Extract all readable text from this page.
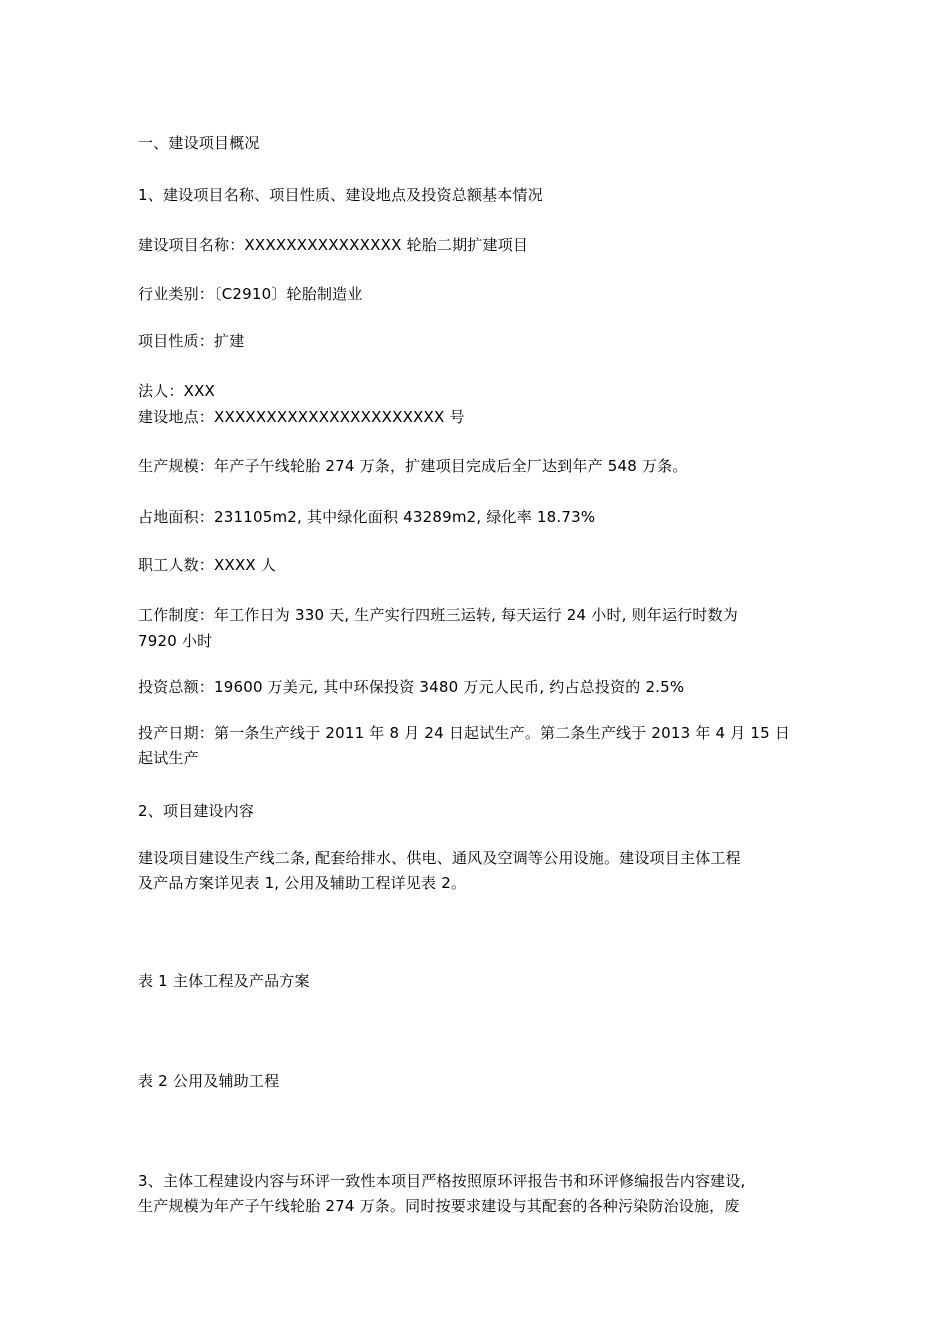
一、建设项目概况
1、建设项目名称、项目性质、建设地点及投资总额基本情况
建设项目名称：XXXXXXXXXXXXXXX 轮胎二期扩建项目
行业类别：〔C2910〕轮胎制造业
项目性质：扩建
法人：XXX
建设地点：XXXXXXXXXXXXXXXXXXXXXX 号
生产规模：年产子午线轮胎 274 万条，扩建项目完成后全厂达到年产 548 万条。
占地面积：231105m2, 其中绿化面积 43289m2, 绿化率 18.73%
职工人数：XXXX 人
工作制度：年工作日为 330 天, 生产实行四班三运转, 每天运行 24 小时, 则年运行时数为
7920 小时
投资总额：19600 万美元, 其中环保投资 3480 万元人民币, 约占总投资的 2.5%
投产日期：第一条生产线于 2011 年 8 月 24 日起试生产。第二条生产线于 2013 年 4 月 15 日
起试生产
2、项目建设内容
建设项目建设生产线二条, 配套给排水、供电、通风及空调等公用设施。建设项目主体工程
及产品方案详见表 1, 公用及辅助工程详见表 2。
表 1 主体工程及产品方案
表 2 公用及辅助工程
3、主体工程建设内容与环评一致性本项目严格按照原环评报告书和环评修编报告内容建设,
生产规模为年产子午线轮胎 274 万条。同时按要求建设与其配套的各种污染防治设施，废
